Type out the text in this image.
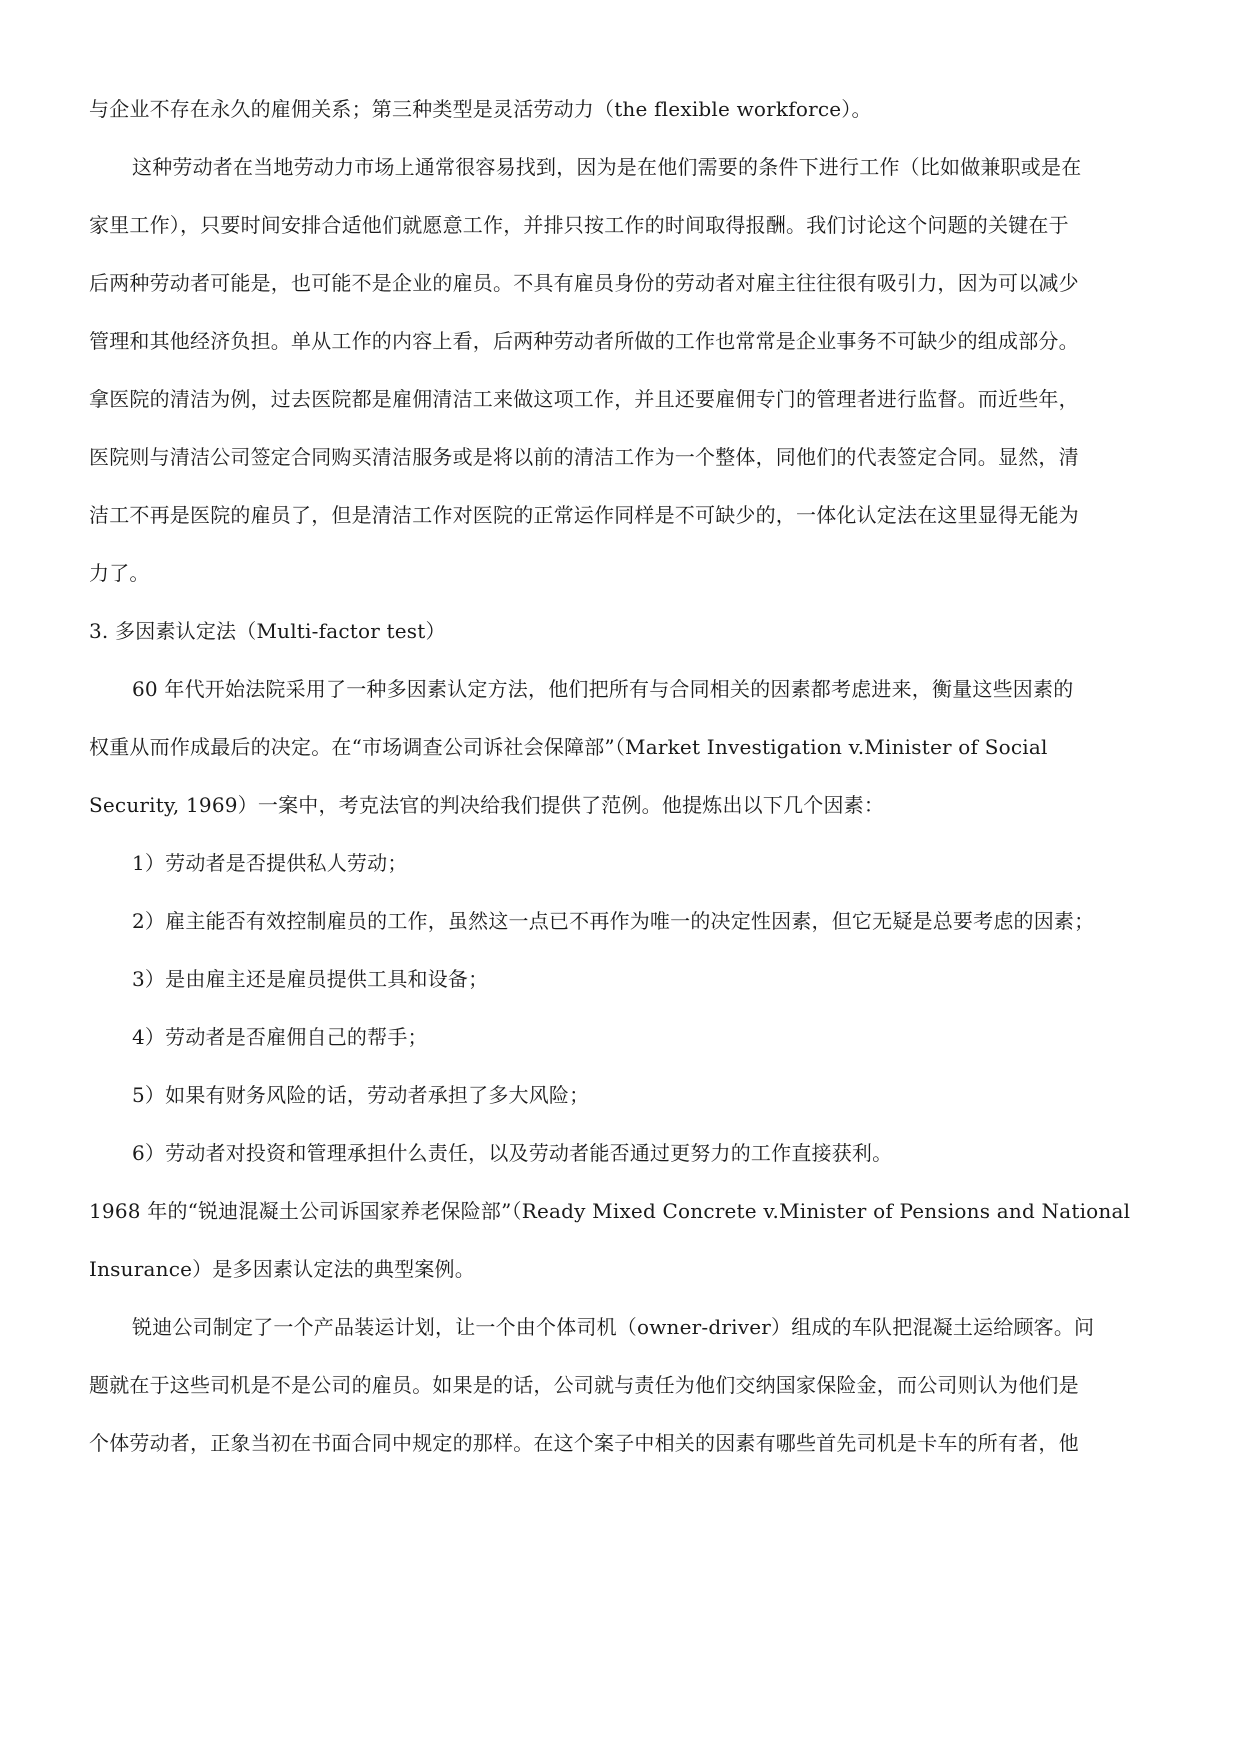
与企业不存在永久的雇佣关系；第三种类型是灵活劳动力（the flexible workforce）。
这种劳动者在当地劳动力市场上通常很容易找到，因为是在他们需要的条件下进行工作（比如做兼职或是在
家里工作），只要时间安排合适他们就愿意工作，并排只按工作的时间取得报酬。我们讨论这个问题的关键在于
后两种劳动者可能是，也可能不是企业的雇员。不具有雇员身份的劳动者对雇主往往很有吸引力，因为可以减少
管理和其他经济负担。单从工作的内容上看，后两种劳动者所做的工作也常常是企业事务不可缺少的组成部分。
拿医院的清洁为例，过去医院都是雇佣清洁工来做这项工作，并且还要雇佣专门的管理者进行监督。而近些年，
医院则与清洁公司签定合同购买清洁服务或是将以前的清洁工作为一个整体，同他们的代表签定合同。显然，清
洁工不再是医院的雇员了，但是清洁工作对医院的正常运作同样是不可缺少的，一体化认定法在这里显得无能为
力了。
3. 多因素认定法（Multi-factor test）
60 年代开始法院采用了一种多因素认定方法，他们把所有与合同相关的因素都考虑进来，衡量这些因素的
权重从而作成最后的决定。在“市场调查公司诉社会保障部”（Market Investigation v.Minister of Social
Security, 1969）一案中，考克法官的判决给我们提供了范例。他提炼出以下几个因素：
1）劳动者是否提供私人劳动；
2）雇主能否有效控制雇员的工作，虽然这一点已不再作为唯一的决定性因素，但它无疑是总要考虑的因素；
3）是由雇主还是雇员提供工具和设备；
4）劳动者是否雇佣自己的帮手；
5）如果有财务风险的话，劳动者承担了多大风险；
6）劳动者对投资和管理承担什么责任，以及劳动者能否通过更努力的工作直接获利。
1968 年的“锐迪混凝土公司诉国家养老保险部”（Ready Mixed Concrete v.Minister of Pensions and National
Insurance）是多因素认定法的典型案例。
锐迪公司制定了一个产品装运计划，让一个由个体司机（owner-driver）组成的车队把混凝土运给顾客。问
题就在于这些司机是不是公司的雇员。如果是的话，公司就与责任为他们交纳国家保险金，而公司则认为他们是
个体劳动者，正象当初在书面合同中规定的那样。在这个案子中相关的因素有哪些首先司机是卡车的所有者，他
